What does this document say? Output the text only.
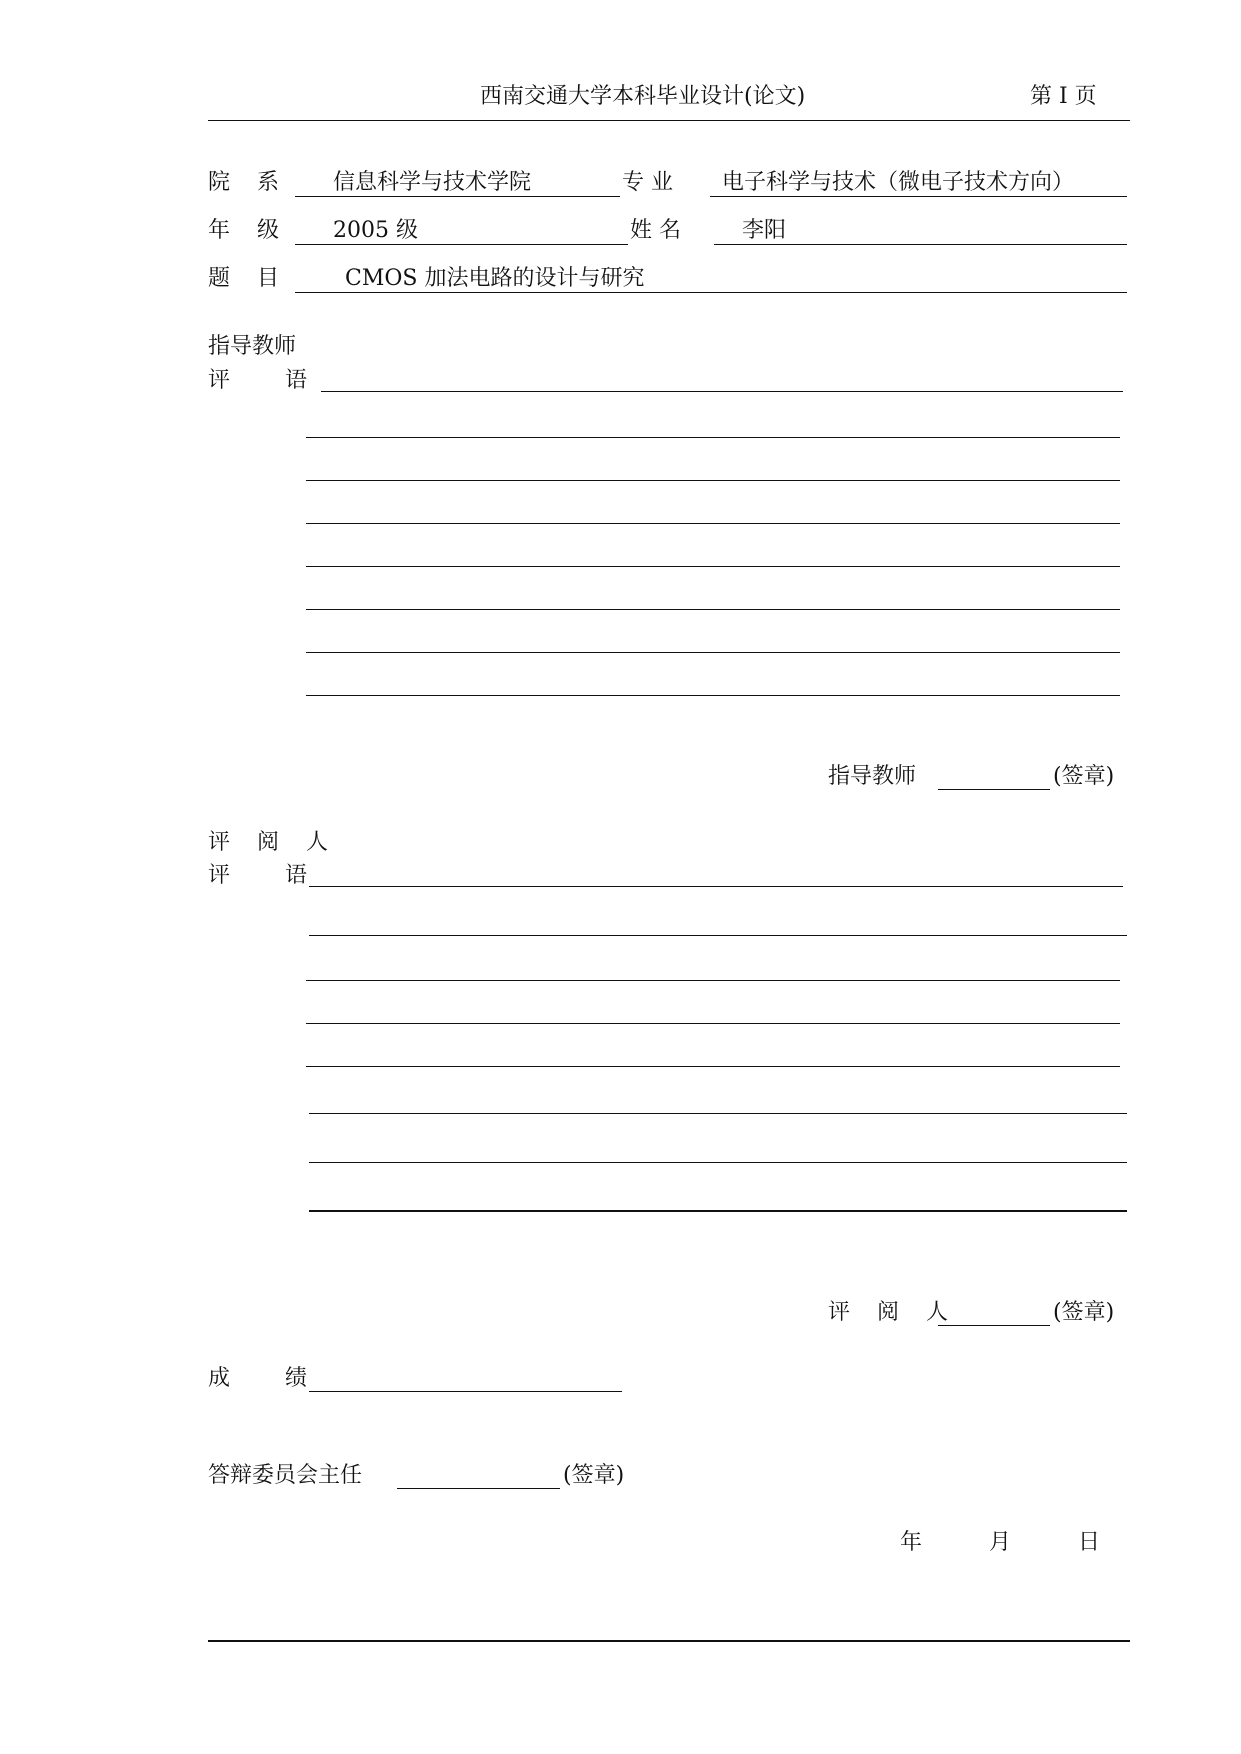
西南交通大学本科毕业设计(论文)	第 I 页
院 系 信息科学与技术学院	专 业 电子科学与技术（微电子技术方向）
年 级 2005 级	姓 名	李阳
题 目	CMOS 加法电路的设计与研究
指导教师
评 语
指导教师	(签章)
评 阅 人
评 语
评 阅 人	(签章)
成 绩
答辩委员会主任	(签章)
年	月	日
